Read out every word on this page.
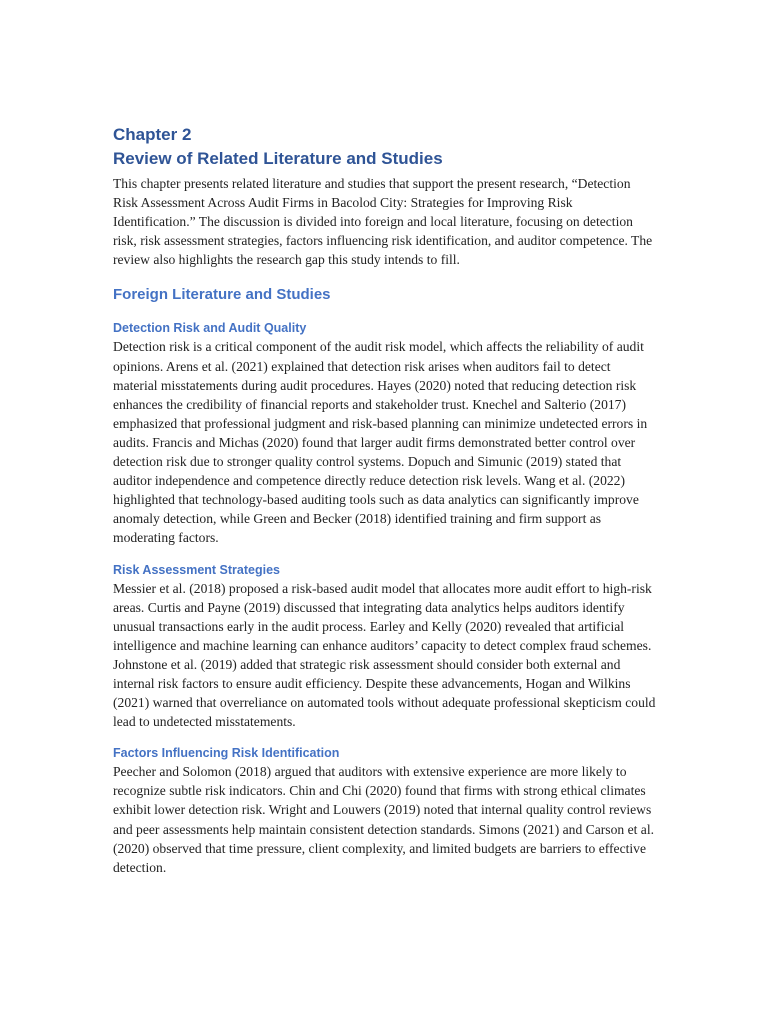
Chapter 2
Review of Related Literature and Studies

This chapter presents related literature and studies that support the present research, “Detection Risk Assessment Across Audit Firms in Bacolod City: Strategies for Improving Risk Identification.” The discussion is divided into foreign and local literature, focusing on detection risk, risk assessment strategies, factors influencing risk identification, and auditor competence. The review also highlights the research gap this study intends to fill.

Foreign Literature and Studies
Detection Risk and Audit Quality

Detection risk is a critical component of the audit risk model, which affects the reliability of audit opinions. Arens et al. (2021) explained that detection risk arises when auditors fail to detect material misstatements during audit procedures. Hayes (2020) noted that reducing detection risk enhances the credibility of financial reports and stakeholder trust. Knechel and Salterio (2017) emphasized that professional judgment and risk-based planning can minimize undetected errors in audits. Francis and Michas (2020) found that larger audit firms demonstrated better control over detection risk due to stronger quality control systems. Dopuch and Simunic (2019) stated that auditor independence and competence directly reduce detection risk levels. Wang et al. (2022) highlighted that technology-based auditing tools such as data analytics can significantly improve anomaly detection, while Green and Becker (2018) identified training and firm support as moderating factors.

Risk Assessment Strategies

Messier et al. (2018) proposed a risk-based audit model that allocates more audit effort to high-risk areas. Curtis and Payne (2019) discussed that integrating data analytics helps auditors identify unusual transactions early in the audit process. Earley and Kelly (2020) revealed that artificial intelligence and machine learning can enhance auditors’ capacity to detect complex fraud schemes. Johnstone et al. (2019) added that strategic risk assessment should consider both external and internal risk factors to ensure audit efficiency. Despite these advancements, Hogan and Wilkins (2021) warned that overreliance on automated tools without adequate professional skepticism could lead to undetected misstatements.

Factors Influencing Risk Identification

Peecher and Solomon (2018) argued that auditors with extensive experience are more likely to recognize subtle risk indicators. Chin and Chi (2020) found that firms with strong ethical climates exhibit lower detection risk. Wright and Louwers (2019) noted that internal quality control reviews and peer assessments help maintain consistent detection standards. Simons (2021) and Carson et al. (2020) observed that time pressure, client complexity, and limited budgets are barriers to effective detection.
